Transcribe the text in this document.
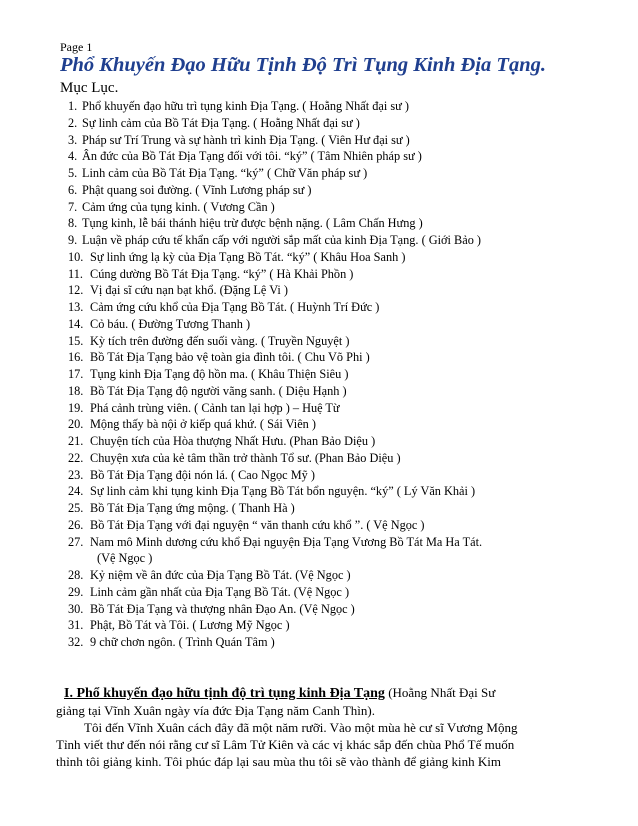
Page 1
Phổ Khuyến Đạo Hữu Tịnh Độ Trì Tụng Kinh Địa Tạng.
Mục Lục.
1. Phổ khuyến đạo hữu trì tụng kinh Địa Tạng. ( Hoằng Nhất đại sư )
2. Sự linh cảm của Bồ Tát Địa Tạng. ( Hoằng Nhất đại sư )
3. Pháp sư Trí Trung và sự hành trì kinh Địa Tạng. ( Viên Hư đại sư )
4. Ân đức của Bồ Tát Địa Tạng đối với tôi. “ký” ( Tâm Nhiên pháp sư )
5. Linh cảm của Bồ Tát Địa Tạng. “ký” ( Chữ Văn pháp sư )
6. Phật quang soi đường. ( Vĩnh Lương pháp sư )
7. Cảm ứng của tụng kinh. ( Vương Cần )
8. Tụng kinh, lễ bái thánh hiệu trừ được bệnh nặng. ( Lâm Chấn Hưng )
9. Luận về pháp cứu tế khẩn cấp với người sắp mất của kinh Địa Tạng. ( Giới Bảo )
10. Sự linh ứng lạ kỳ của Địa Tạng Bồ Tát. “ký” ( Khâu Hoa Sanh )
11. Cúng dường Bồ Tát Địa Tạng. “ký” ( Hà Khải Phồn )
12. Vị đại sĩ cứu nạn bạt khổ. (Đặng Lệ Vi )
13. Cảm ứng cứu khổ của Địa Tạng Bồ Tát. ( Huỳnh Trí Đức )
14. Cỏ báu. ( Đường Tương Thanh )
15. Kỳ tích trên đường đến suối vàng. ( Truyền Nguyệt )
16. Bồ Tát Địa Tạng bảo vệ toàn gia đình tôi. ( Chu Võ Phi )
17. Tụng kinh Địa Tạng độ hồn ma. ( Khâu Thiện Siêu )
18. Bồ Tát Địa Tạng độ người vãng sanh. ( Diệu Hạnh )
19. Phá cảnh trùng viên. ( Cảnh tan lại hợp ) – Huệ Từ
20. Mộng thấy bà nội ở kiếp quá khứ. ( Sái Viên )
21. Chuyện tích của Hòa thượng Nhất Hưu. (Phan Bảo Diệu )
22. Chuyện xưa của kẻ tâm thần trở thành Tổ sư. (Phan Bảo Diệu )
23. Bồ Tát Địa Tạng đội nón lá. ( Cao Ngọc Mỹ )
24. Sự linh cảm khi tụng kinh Địa Tạng Bồ Tát bổn nguyện. “ký” ( Lý Văn Khải )
25. Bồ Tát Địa Tạng ứng mộng. ( Thanh Hà )
26. Bồ Tát Địa Tạng với đại nguyện “ văn thanh cứu khổ ”. ( Vệ Ngọc )
27. Nam mô Minh dương cứu khổ Đại nguyện Địa Tạng Vương Bồ Tát Ma Ha Tát.
(Vệ Ngọc )
28. Kỷ niệm về ân đức của Địa Tạng Bồ Tát. (Vệ Ngọc )
29. Linh cảm gần nhất của Địa Tạng Bồ Tát. (Vệ Ngọc )
30. Bồ Tát Địa Tạng và thượng nhân Đạo An. (Vệ Ngọc )
31. Phật, Bồ Tát và Tôi. ( Lương Mỹ Ngọc )
32. 9 chữ chơn ngôn. ( Trình Quán Tâm )
I. Phổ khuyến đạo hữu tịnh độ trì tụng kinh Địa Tạng (Hoằng Nhất Đại Sư
giảng tại Vĩnh Xuân ngày vía đức Địa Tạng năm Canh Thìn).
Tôi đến Vĩnh Xuân cách đây đã một năm rưỡi. Vào một mùa hè cư sĩ Vương Mộng
Tỉnh viết thư đến nói rằng cư sĩ Lâm Tử Kiên và các vị khác sắp đến chùa Phổ Tế muốn
thỉnh tôi giảng kinh. Tôi phúc đáp lại sau mùa thu tôi sẽ vào thành để giảng kinh Kim
